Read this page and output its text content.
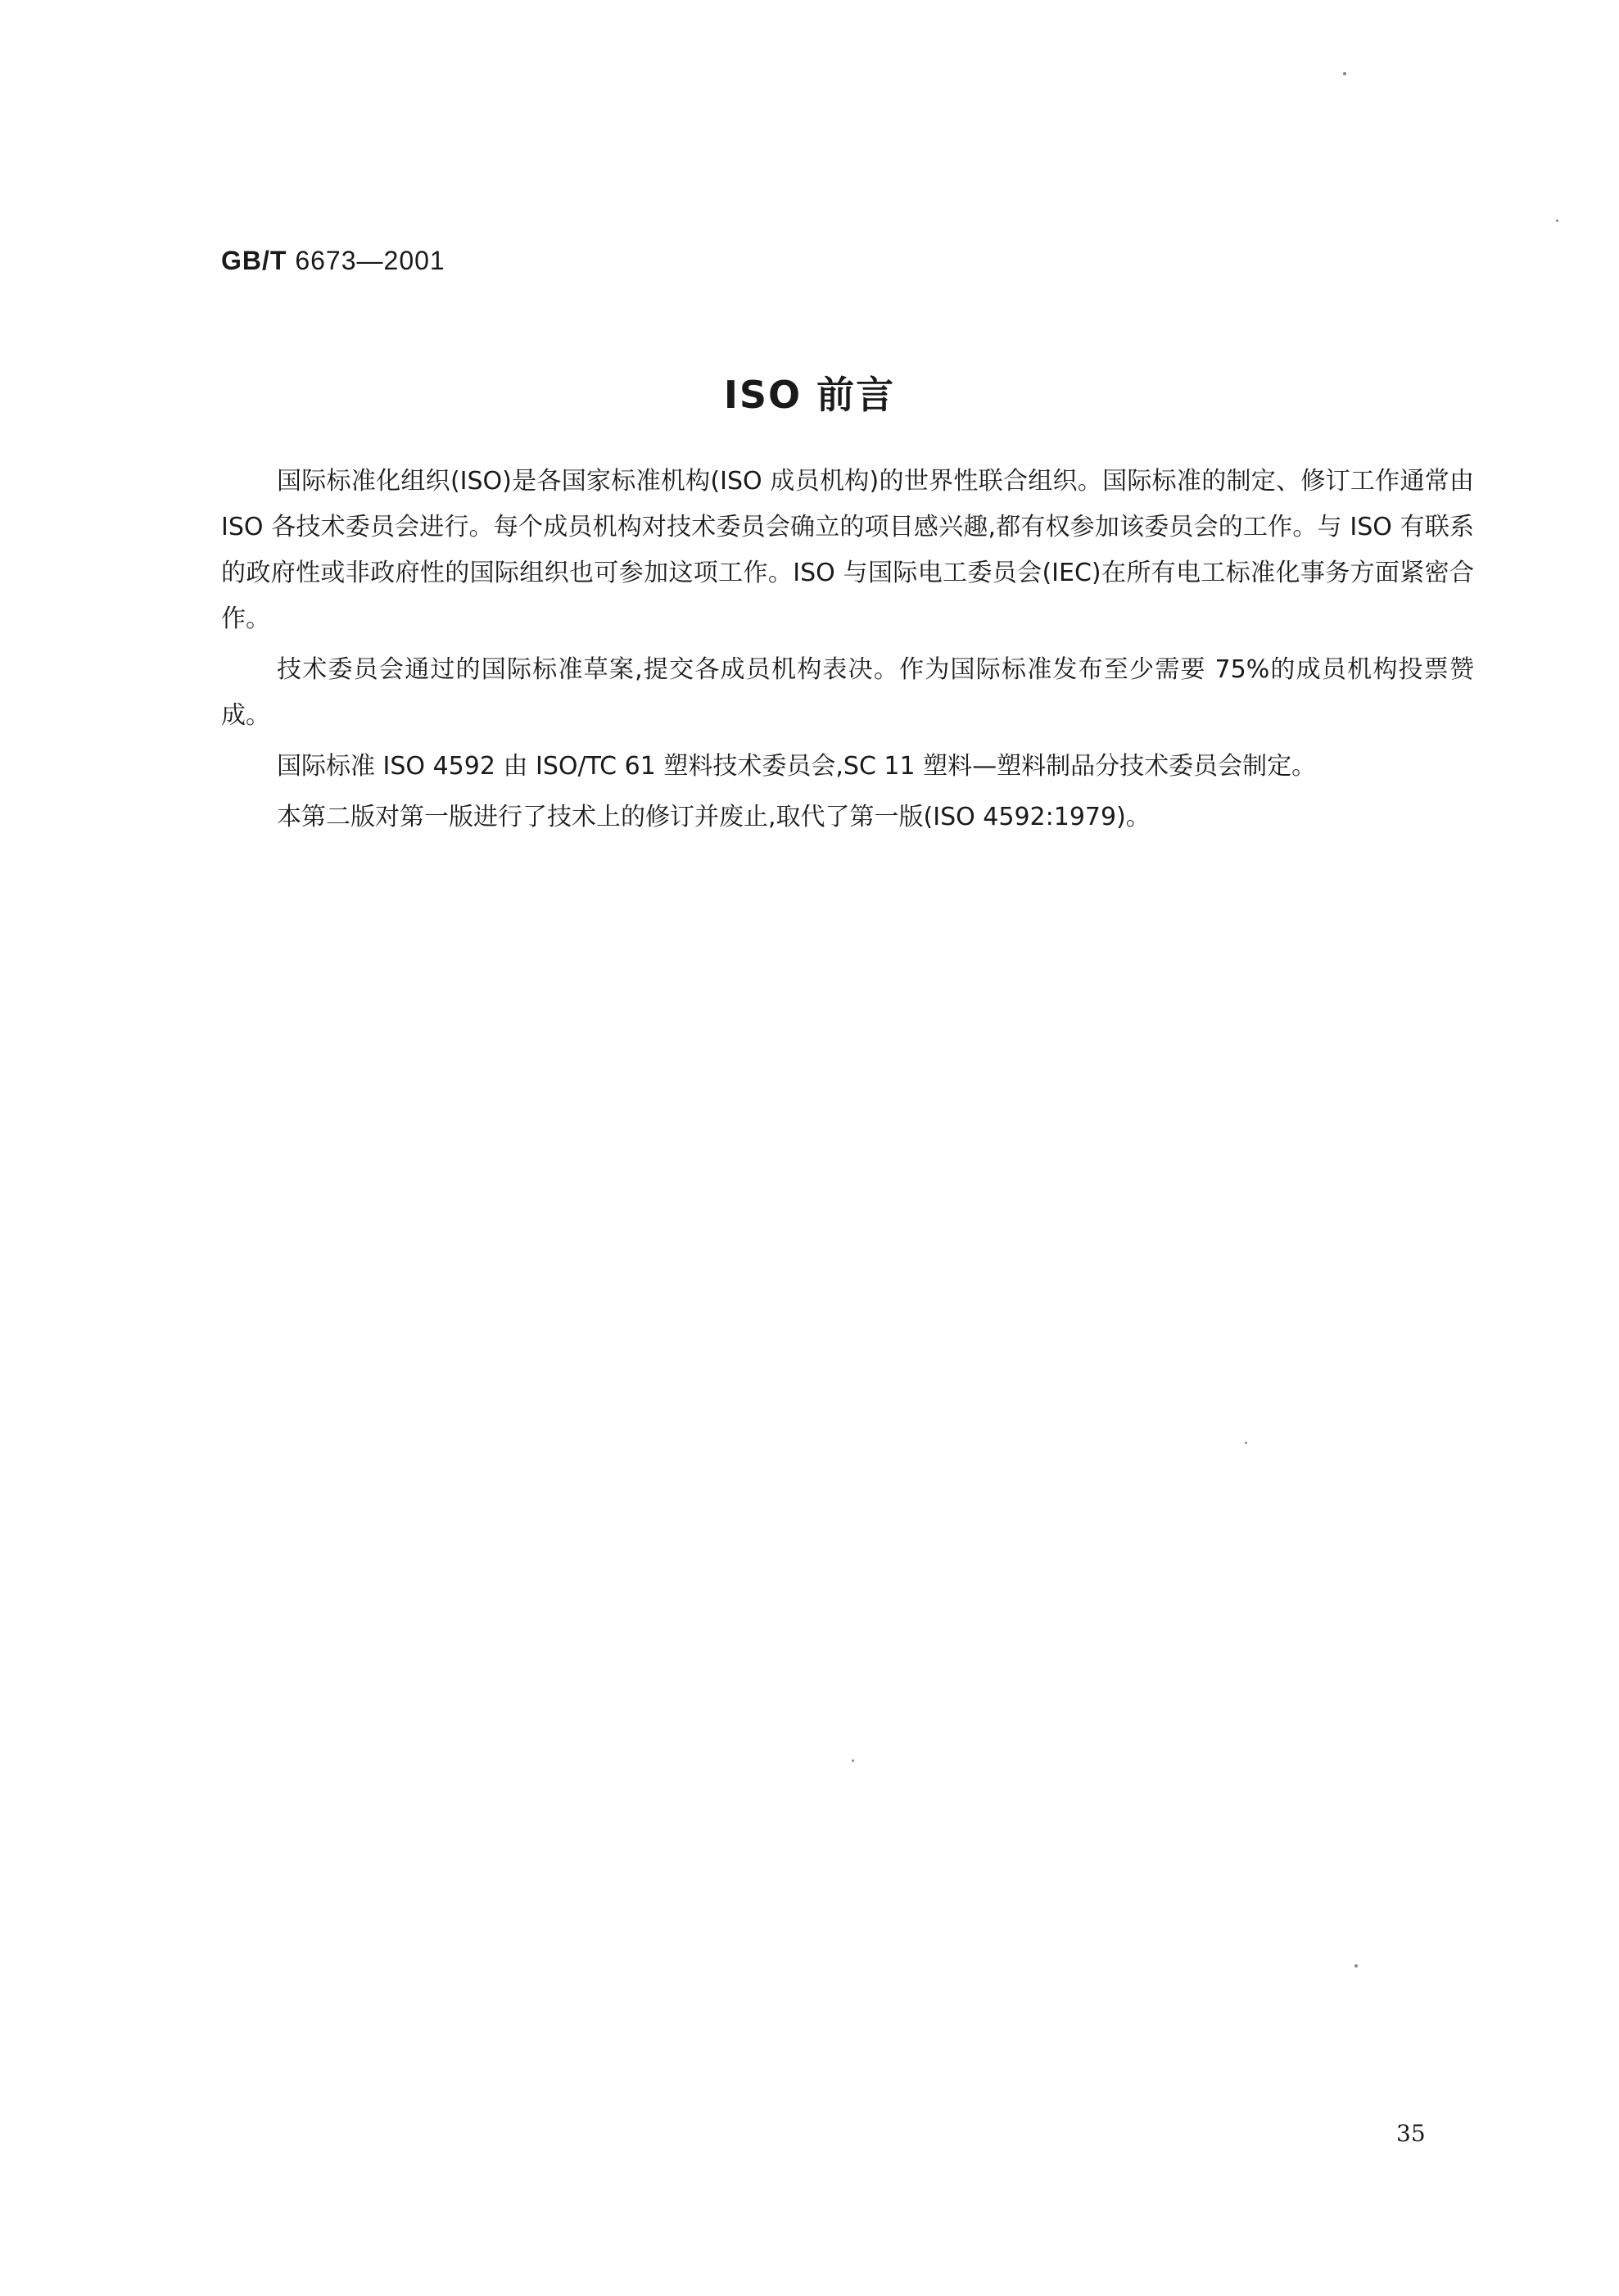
GB/T 6673—2001
ISO 前言

国际标准化组织(ISO)是各国家标准机构(ISO 成员机构)的世界性联合组织。国际标准的制定、修订工作通常由 ISO 各技术委员会进行。每个成员机构对技术委员会确立的项目感兴趣,都有权参加该委员会的工作。与 ISO 有联系的政府性或非政府性的国际组织也可参加这项工作。ISO 与国际电工委员会(IEC)在所有电工标准化事务方面紧密合作。

技术委员会通过的国际标准草案,提交各成员机构表决。作为国际标准发布至少需要 75%的成员机构投票赞成。

国际标准 ISO 4592 由 ISO/TC 61 塑料技术委员会,SC 11 塑料—塑料制品分技术委员会制定。

本第二版对第一版进行了技术上的修订并废止,取代了第一版(ISO 4592:1979)。

35
